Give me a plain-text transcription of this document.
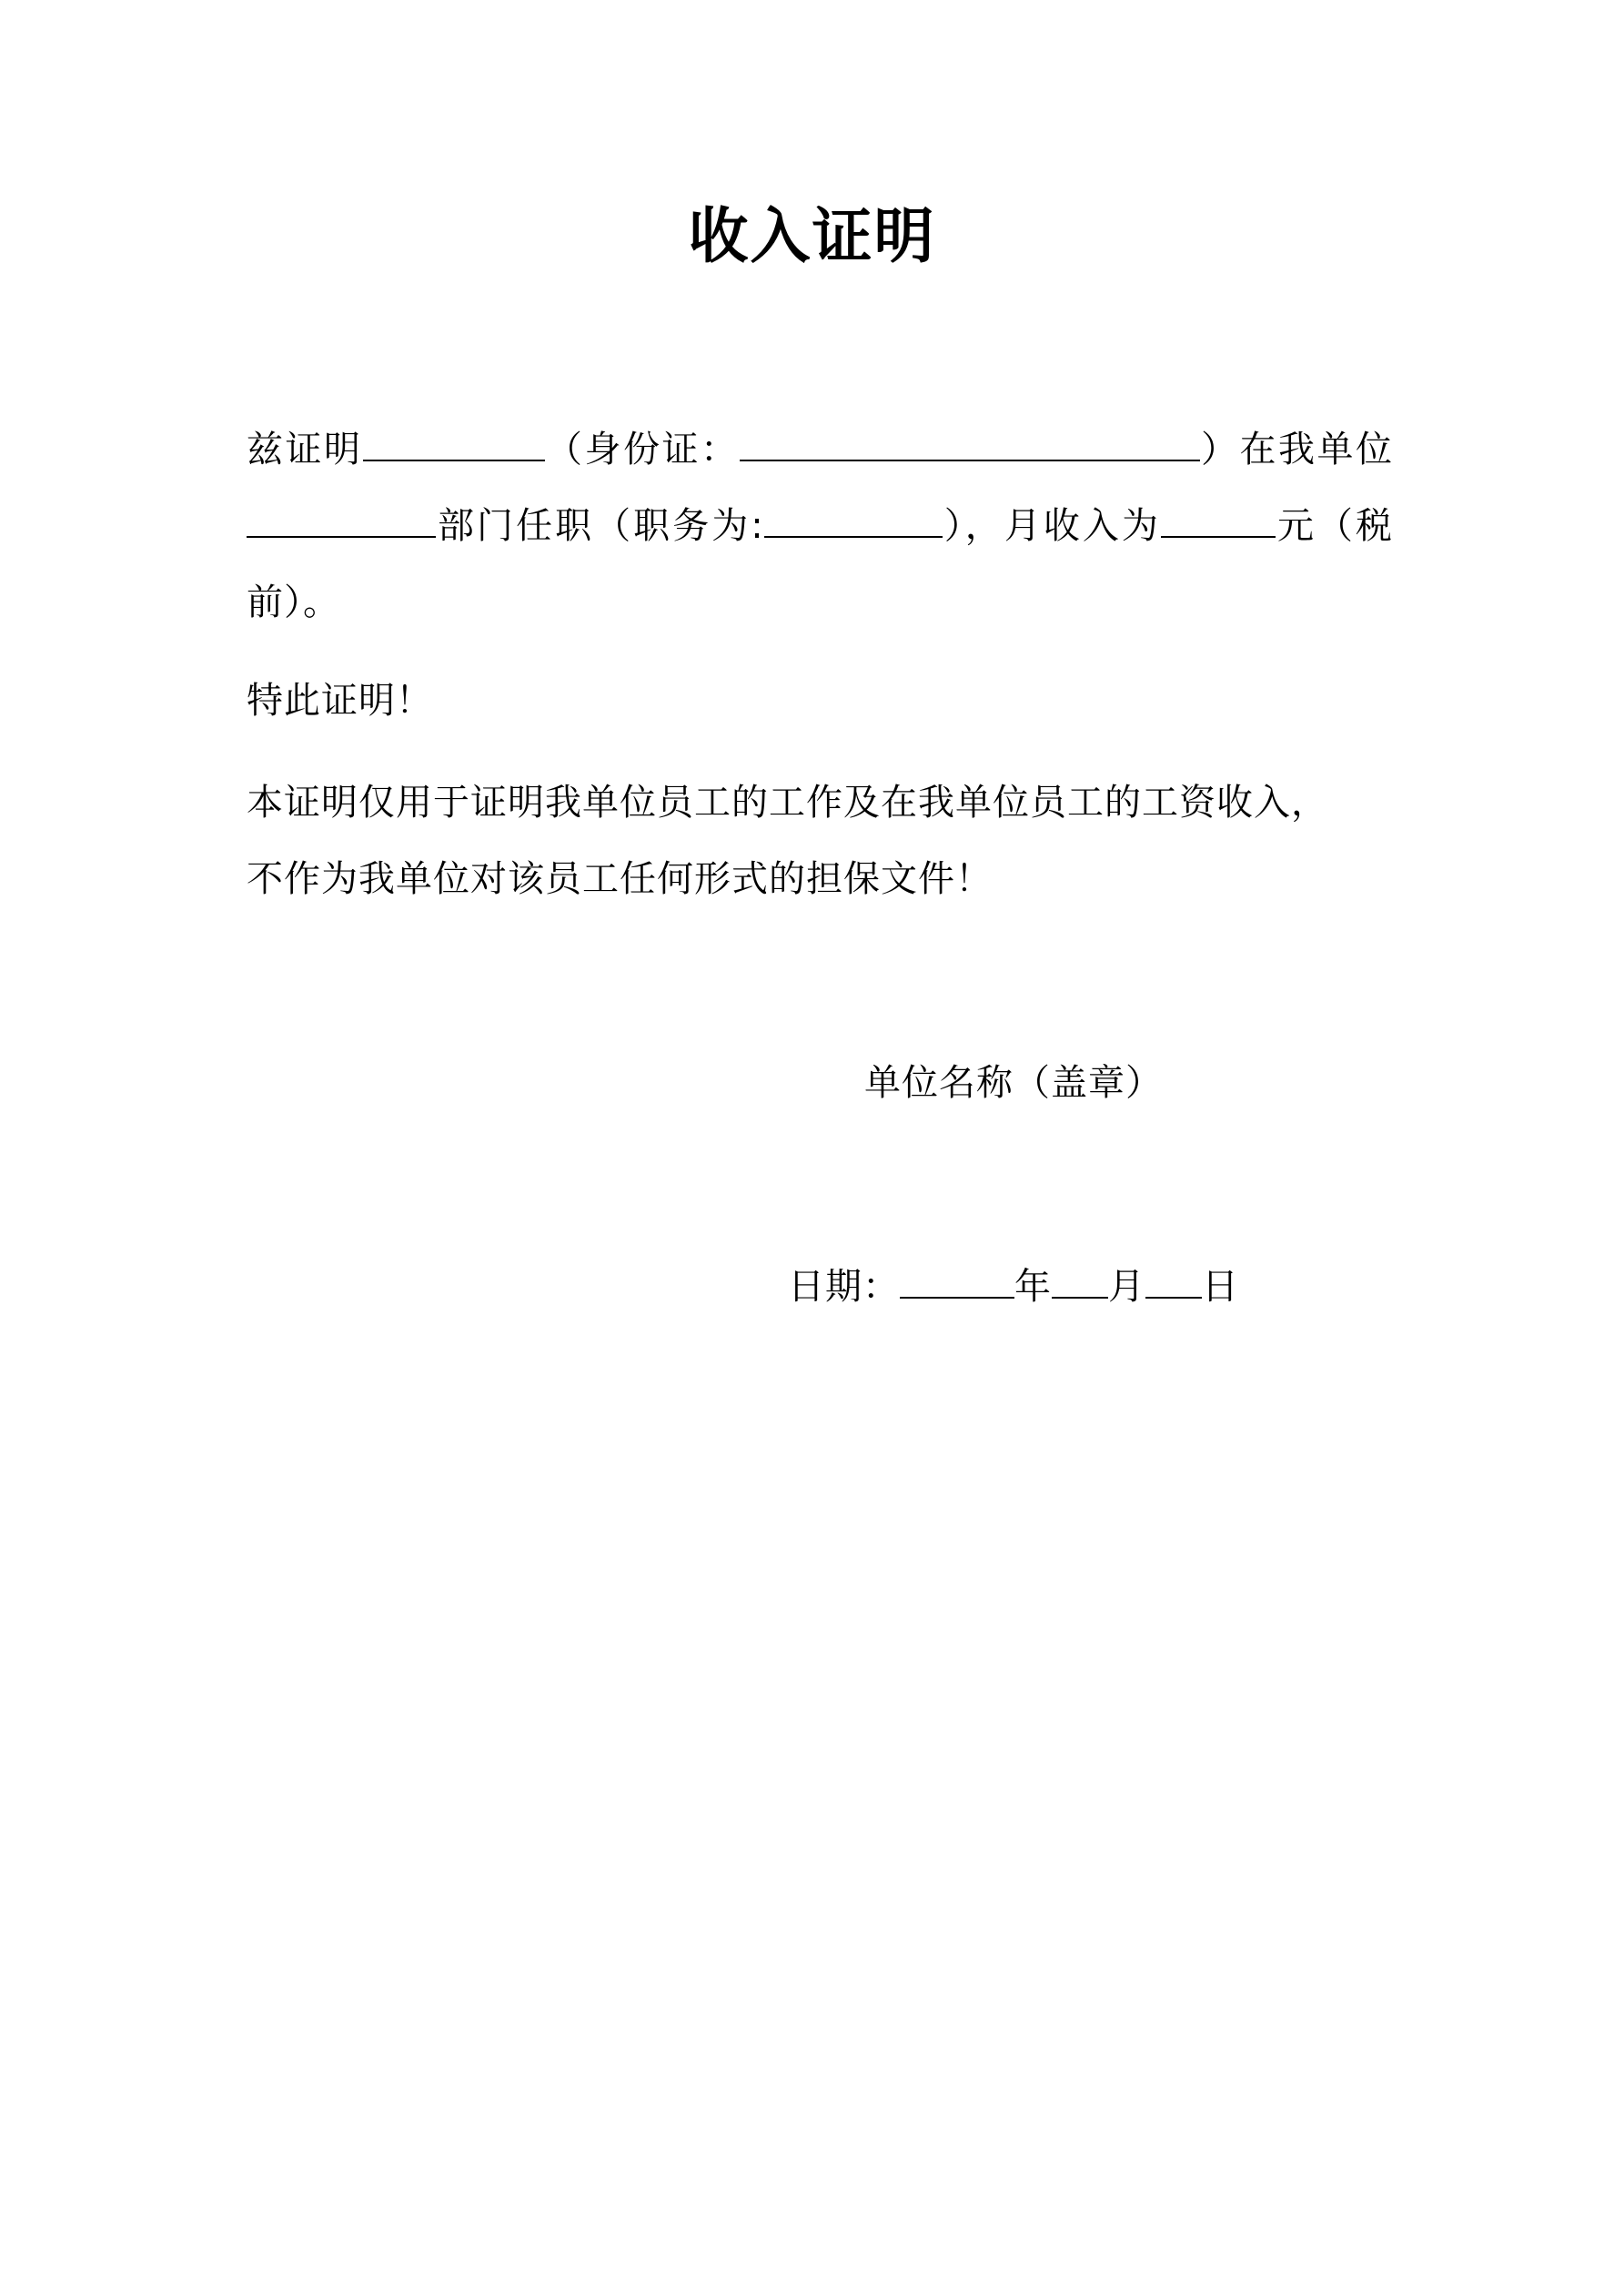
收入证明

兹证明	（身份证：	）在我单位

部门任职（职务为:	），月收入为	元（税

前）。

特此证明！

本证明仅用于证明我单位员工的工作及在我单位员工的工资收入，

不作为我单位对该员工任何形式的担保文件！

单位名称（盖章）
日期：	年 月 日
